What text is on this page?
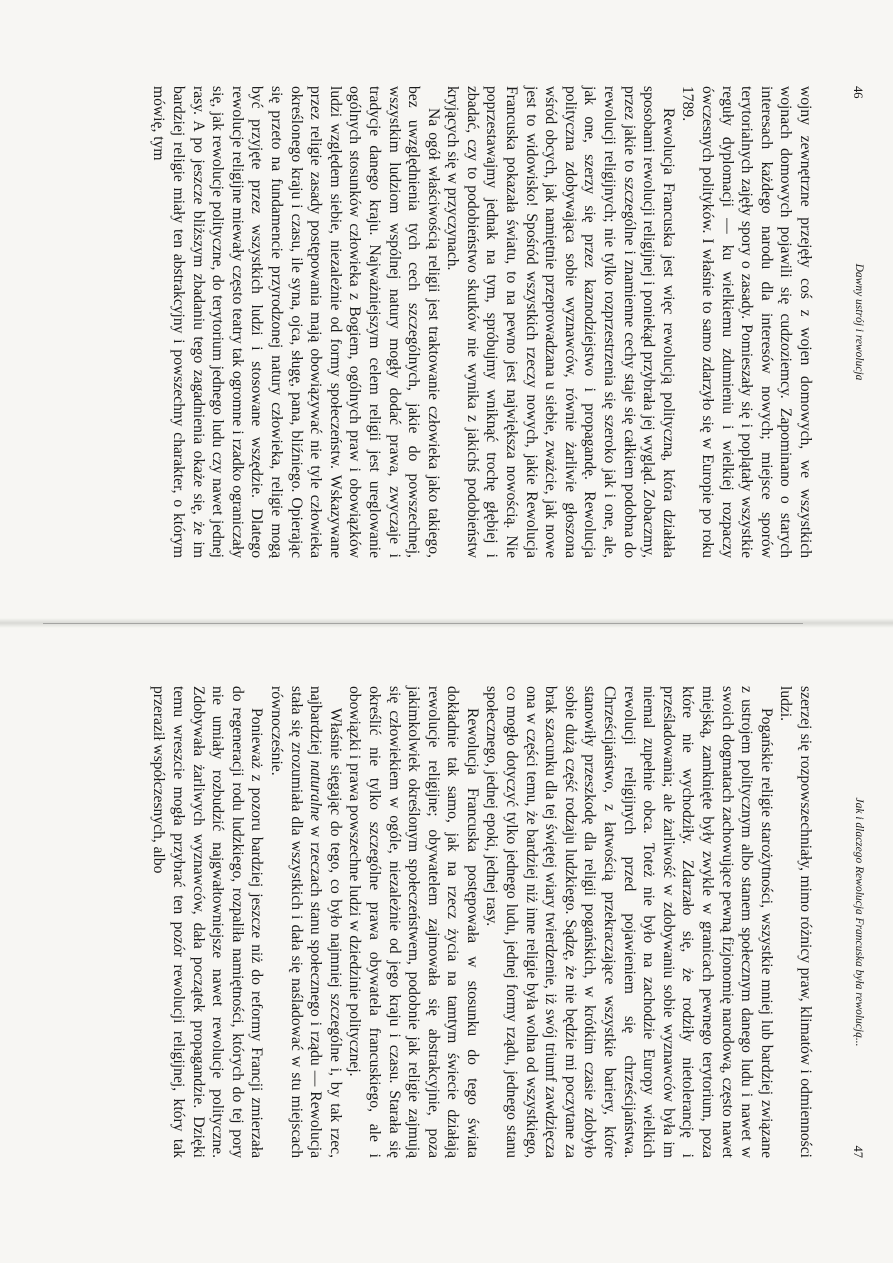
46
Dawny ustrój i rewolucja

wojny zewnętrzne przejęły coś z wojen domowych, we wszystkich wojnach domowych pojawili się cudzoziemcy. Zapominano o starych interesach każdego narodu dla interesów nowych; miejsce sporów terytorialnych zajęły spory o zasady. Pomieszały się i poplątały wszystkie reguły dyplomacji — ku wielkiemu zdumieniu i wielkiej rozpaczy ówczesnych polityków. I właśnie to samo zdarzyło się w Europie po roku 1789.

Rewolucja Francuska jest więc rewolucją polityczną, która działała sposobami rewolucji religijnej i poniekąd przybrała jej wygląd. Zobaczmy, przez jakie to szczególne i znamienne cechy staje się całkiem podobna do rewolucji religijnych; nie tylko rozprzestrzenia się szeroko jak i one, ale, jak one, szerzy się przez kaznodziejstwo i propagandę. Rewolucja polityczna zdobywająca sobie wyznawców, równie żarliwie głoszona wśród obcych, jak namiętnie przeprowadzana u siebie, zważcie, jak nowe jest to widowisko! Spośród wszystkich rzeczy nowych, jakie Rewolucja Francuska pokazała światu, to na pewno jest największa nowością. Nie poprzestawajmy jednak na tym, spróbujmy wniknąć trochę głębiej i zbadać, czy to podobieństwo skutków nie wynika z jakichś podobieństw kryjących się w przyczynach.

Na ogół właściwością religii jest traktowanie człowieka jako takiego, bez uwzględnienia tych cech szczególnych, jakie do powszechnej, wszystkim ludziom wspólnej natury mogły dodać prawa, zwyczaje i tradycje danego kraju. Najważniejszym celem religii jest ureglowanie ogólnych stosunków człowieka z Bogiem, ogólnych praw i obowiązków ludzi względem siebie, niezależnie od formy społeczeństw. Wskazywane przez religie zasady postępowania mają obowiązywać nie tyle człowieka określonego kraju i czasu, ile syna, ojca, sługę, pana, bliźniego. Opierając się przeto na fundamencie przyrodzonej natury człowieka, religie mogą być przyjęte przez wszystkich ludzi i stosowane wszędzie. Dlatego rewolucje religijne miewały często teatry tak ogromne i rzadko ograniczały się, jak rewolucje polityczne, do terytorium jednego ludu czy nawet jednej rasy. A po jeszcze bliższym zbadaniu tego zagadnienia okaże się, że im bardziej religie miały ten abstrakcyjny i powszechny charakter, o którym mówię, tym

Jak i dlaczego Rewolucja Francuska była rewolucją...
47

szerzej się rozpowszechniały, mimo różnicy praw, klimatów i odmienności ludzi.

Pogańskie religie starożytności, wszystkie mniej lub bardziej związane z ustrojem politycznym albo stanem społecznym danego ludu i nawet w swoich dogmatach zachowujące pewną fizjonomię narodową, często nawet miejską, zamknięte były zwykle w granicach pewnego terytorium, poza które nie wychodziły. Zdarzało się, że rodziły nietolerancję i prześladowania; ale żarliwość w zdobywaniu sobie wyznawców była im niemal zupełnie obca. Toteż nie było na zachodzie Europy wielkich rewolucji religijnych przed pojawieniem się chrześcijaństwa. Chrześcijaństwo, z łatwością przekraczające wszystkie bariery, które stanowiły przeszkodę dla religii pogańskich, w krótkim czasie zdobyło sobie dużą część rodzaju ludzkiego. Sądzę, że nie będzie mi poczytane za brak szacunku dla tej świętej wiary twierdzenie, iż swój triumf zawdzięcza ona w części temu, że bardziej niż inne religie była wolna od wszystkiego, co mogło dotyczyć tylko jednego ludu, jednej formy rządu, jednego stanu społecznego, jednej epoki, jednej rasy.

Rewolucja Francuska postępowała w stosunku do tego świata dokładnie tak samo, jak na rzecz życia na tamtym świecie działają rewolucje religijne; obywatelem zajmowała się abstrakcyjnie, poza jakimkolwiek określonym społeczeństwem, podobnie jak religie zajmują się człowiekiem w ogóle, niezależnie od jego kraju i czasu. Starała się określić nie tylko szczególne prawa obywatela francuskiego, ale i obowiązki i prawa powszechne ludzi w dziedzinie politycznej.

Właśnie sięgając do tego, co było najmniej szczególne i, by tak rzec, najbardziej naturalne w rzeczach stanu społecznego i rządu — Rewolucja stała się zrozumiała dla wszystkich i dała się naśladować w stu miejscach równocześnie.

Ponieważ z pozoru bardziej jeszcze niż do reformy Francji zmierzała do regeneracji rodu ludzkiego, rozpaliła namiętności, których do tej pory nie umiały rozbudzić najgwałtowniejsze nawet rewolucje polityczne. Zdobywała żarliwych wyznawców, dała początek propagandzie. Dzięki temu wreszcie mogła przybrać ten pozór rewolucji religijnej, który tak przeraził współczesnych, albo
